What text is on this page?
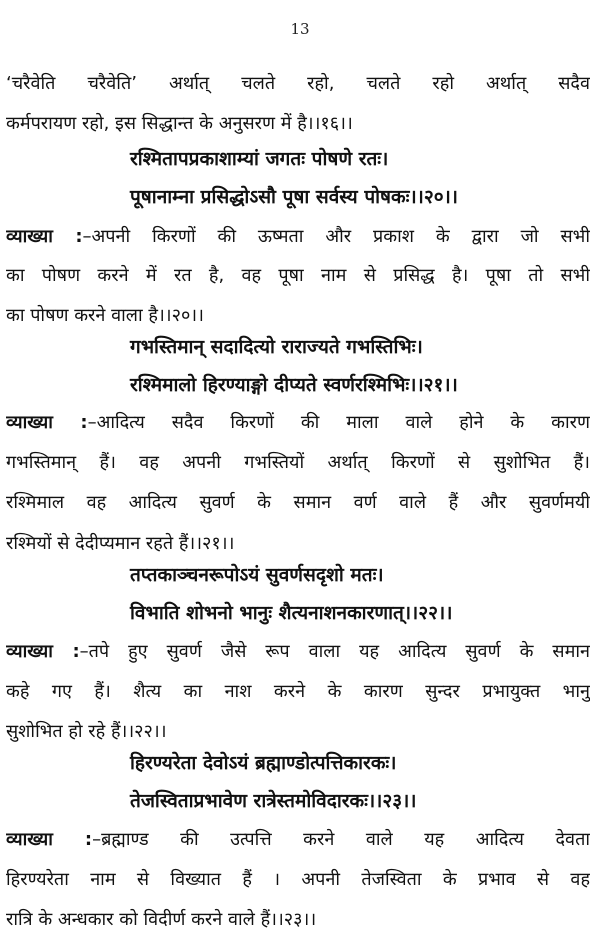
13
‘चरैवेति चरैवेति’ अर्थात् चलते रहो, चलते रहो अर्थात् सदैव
कर्मपरायण रहो, इस सिद्धान्त के अनुसरण में है।।१६।।
रश्मितापप्रकाशाम्यां जगतः पोषणे रतः।
पूषानाम्ना प्रसिद्धोऽसौ पूषा सर्वस्य पोषकः।।२०।।
व्याख्या :–अपनी किरणों की ऊष्मता और प्रकाश के द्वारा जो सभी
का पोषण करने में रत है, वह पूषा नाम से प्रसिद्ध है। पूषा तो सभी
का पोषण करने वाला है।।२०।।
गभस्तिमान् सदादित्यो राराज्यते गभस्तिभिः।
रश्मिमालो हिरण्याङ्गो दीप्यते स्वर्णरश्मिभिः।।२१।।
व्याख्या :–आदित्य सदैव किरणों की माला वाले होने के कारण
गभस्तिमान् हैं। वह अपनी गभस्तियों अर्थात् किरणों से सुशोभित हैं।
रश्मिमाल वह आदित्य सुवर्ण के समान वर्ण वाले हैं और सुवर्णमयी
रश्मियों से देदीप्यमान रहते हैं।।२१।।
तप्तकाञ्चनरूपोऽयं सुवर्णसदृशो मतः।
विभाति शोभनो भानुः शैत्यनाशनकारणात्।।२२।।
व्याख्या :–तपे हुए सुवर्ण जैसे रूप वाला यह आदित्य सुवर्ण के समान
कहे गए हैं। शैत्य का नाश करने के कारण सुन्दर प्रभायुक्त भानु
सुशोभित हो रहे हैं।।२२।।
हिरण्यरेता देवोऽयं ब्रह्माण्डोत्पत्तिकारकः।
तेजस्विताप्रभावेण रात्रेस्तमोविदारकः।।२३।।
व्याख्या :–ब्रह्माण्ड की उत्पत्ति करने वाले यह आदित्य देवता
हिरण्यरेता नाम से विख्यात हैं । अपनी तेजस्विता के प्रभाव से वह
रात्रि के अन्धकार को विदीर्ण करने वाले हैं।।२३।।
